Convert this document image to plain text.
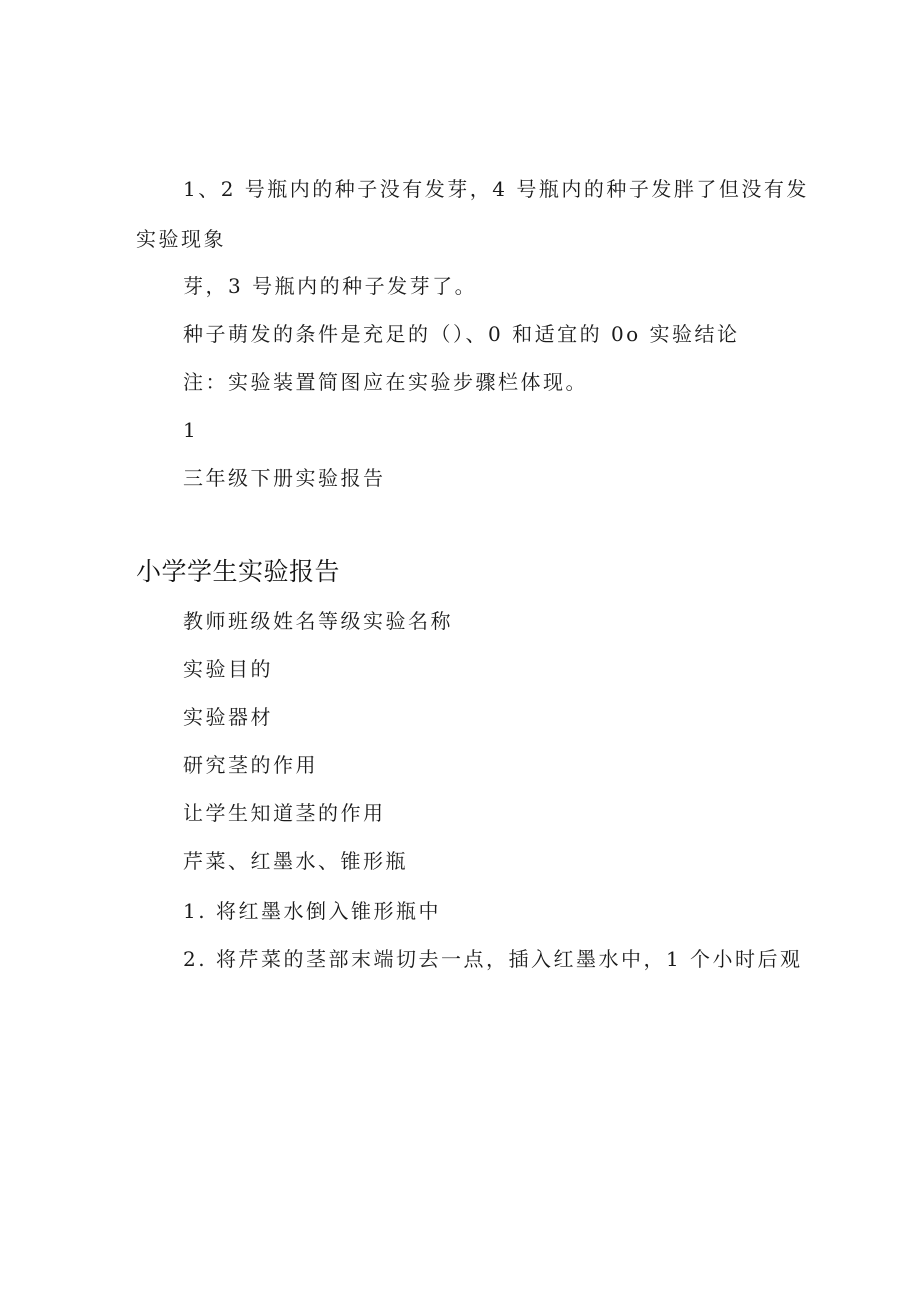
1、2 号瓶内的种子没有发芽，4 号瓶内的种子发胖了但没有发
实验现象
芽，3 号瓶内的种子发芽了。
种子萌发的条件是充足的（）、0 和适宜的 0o 实验结论
注：实验装置简图应在实验步骤栏体现。
1
三年级下册实验报告
小学学生实验报告
教师班级姓名等级实验名称
实验目的
实验器材
研究茎的作用
让学生知道茎的作用
芹菜、红墨水、锥形瓶
1. 将红墨水倒入锥形瓶中
2. 将芹菜的茎部末端切去一点，插入红墨水中，1 个小时后观
